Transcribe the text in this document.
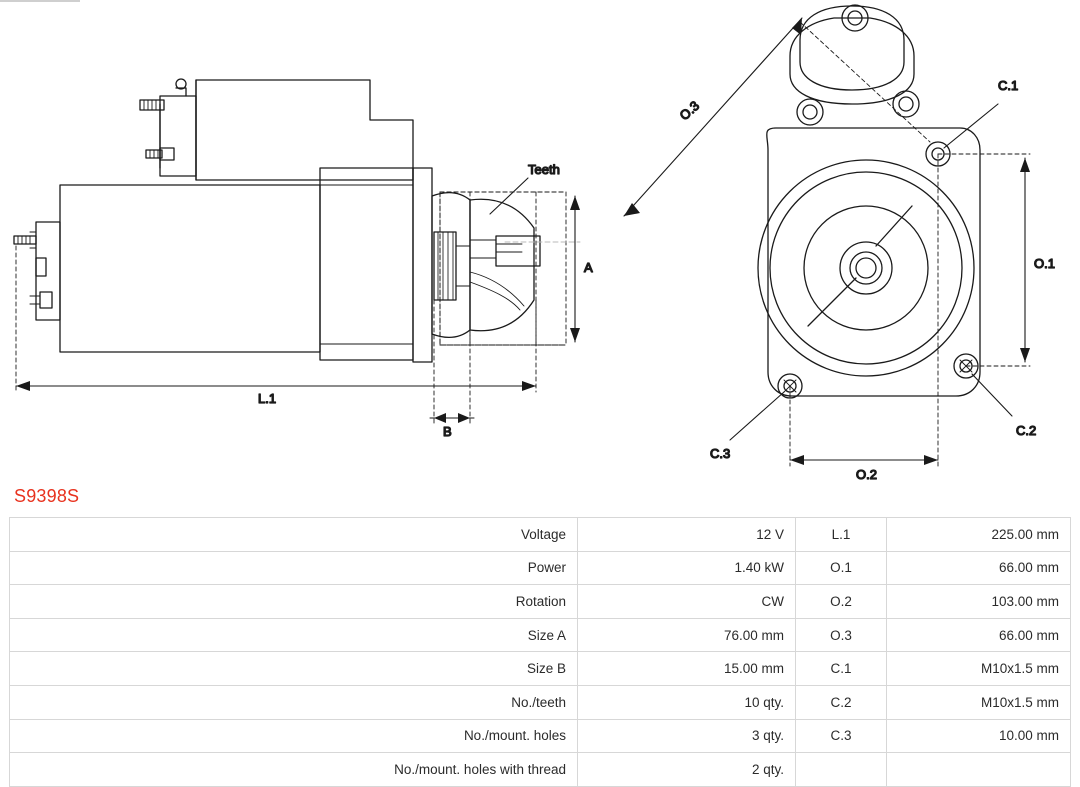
Teeth
L.1
A
B
O.1
O.2
O.3
C.1
C.2
C.3
S9398S
Voltage	12 V	L.1	225.00 mm
Power	1.40 kW	O.1	66.00 mm
Rotation	CW	O.2	103.00 mm
Size A	76.00 mm	O.3	66.00 mm
Size B	15.00 mm	C.1	M10x1.5 mm
No./teeth	10 qty.	C.2	M10x1.5 mm
No./mount. holes	3 qty.	C.3	10.00 mm
No./mount. holes with thread	2 qty.		
